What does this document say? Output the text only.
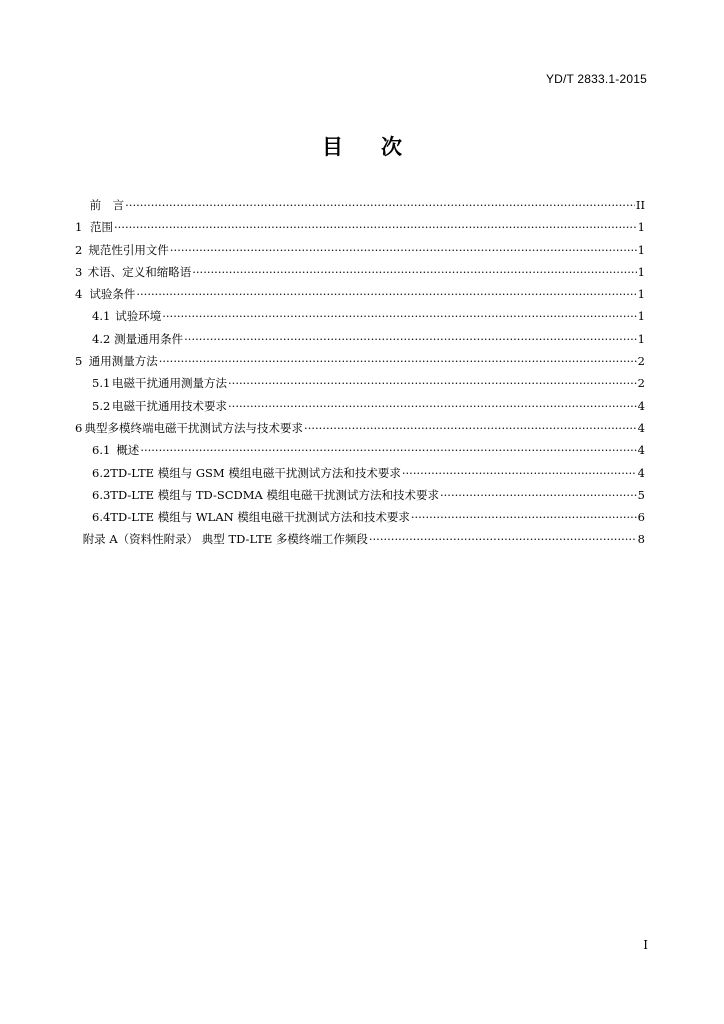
YD/T 2833.1-2015
目次
前　言 ·····	II
1 范围 ·····	1
2 规范性引用文件 ·····	1
3 术语、定义和缩略语 ·····	1
4 试验条件 ·····	1
4.1 试验环境 ·····	1
4.2 测量通用条件 ·····	1
5 通用测量方法 ·····	2
5.1 电磁干扰通用测量方法 ·····	2
5.2 电磁干扰通用技术要求 ·····	4
6 典型多模终端电磁干扰测试方法与技术要求 ·····	4
6.1 概述 ·····	4
6.2 TD-LTE 模组与 GSM 模组电磁干扰测试方法和技术要求 ·····	4
6.3 TD-LTE 模组与 TD-SCDMA 模组电磁干扰测试方法和技术要求 ·····	5
6.4 TD-LTE 模组与 WLAN 模组电磁干扰测试方法和技术要求 ·····	6
附录 A（资料性附录） 典型 TD-LTE 多模终端工作频段 ·····	8
I
